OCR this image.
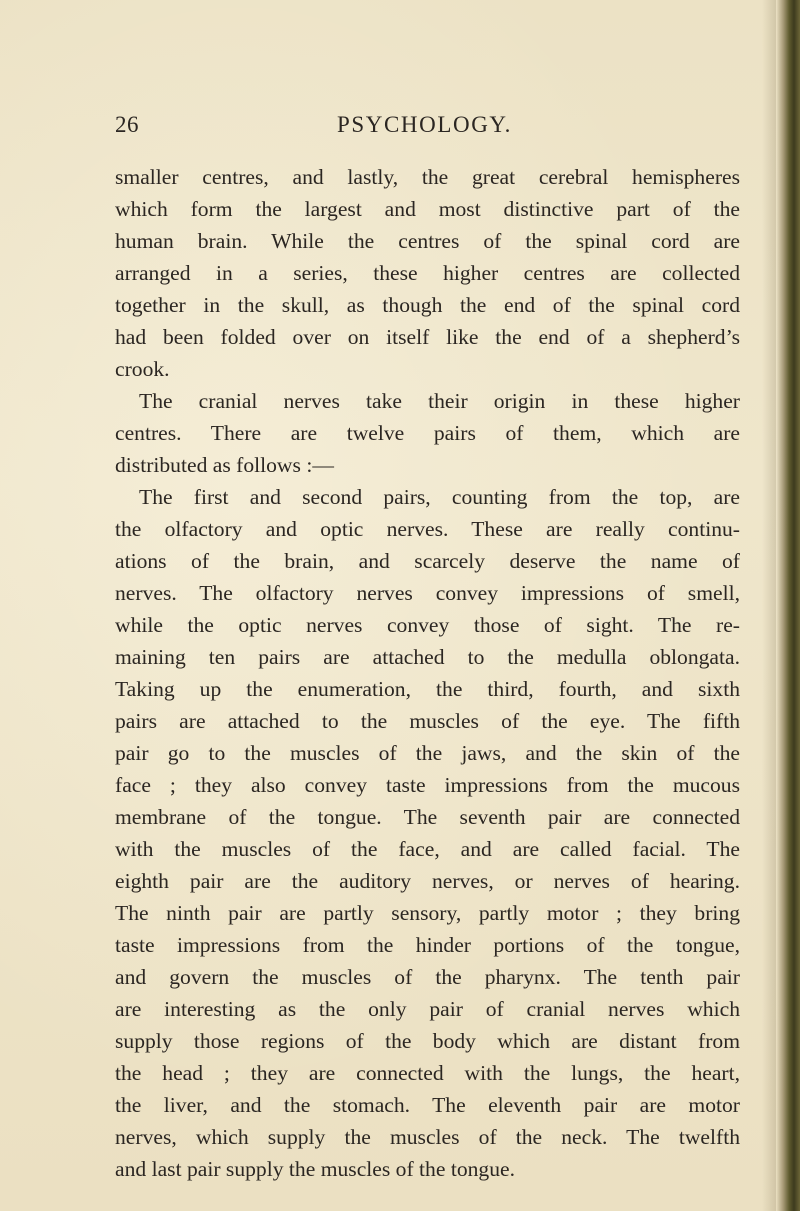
26	PSYCHOLOGY.
smaller centres, and lastly, the great cerebral hemispheres
which form the largest and most distinctive part of the
human brain. While the centres of the spinal cord are
arranged in a series, these higher centres are collected
together in the skull, as though the end of the spinal cord
had been folded over on itself like the end of a shepherd’s
crook.
The cranial nerves take their origin in these higher
centres. There are twelve pairs of them, which are
distributed as follows :—
The first and second pairs, counting from the top, are
the olfactory and optic nerves. These are really continu-
ations of the brain, and scarcely deserve the name of
nerves. The olfactory nerves convey impressions of smell,
while the optic nerves convey those of sight. The re-
maining ten pairs are attached to the medulla oblongata.
Taking up the enumeration, the third, fourth, and sixth
pairs are attached to the muscles of the eye. The fifth
pair go to the muscles of the jaws, and the skin of the
face ; they also convey taste impressions from the mucous
membrane of the tongue. The seventh pair are connected
with the muscles of the face, and are called facial. The
eighth pair are the auditory nerves, or nerves of hearing.
The ninth pair are partly sensory, partly motor ; they bring
taste impressions from the hinder portions of the tongue,
and govern the muscles of the pharynx. The tenth pair
are interesting as the only pair of cranial nerves which
supply those regions of the body which are distant from
the head ; they are connected with the lungs, the heart,
the liver, and the stomach. The eleventh pair are motor
nerves, which supply the muscles of the neck. The twelfth
and last pair supply the muscles of the tongue.
